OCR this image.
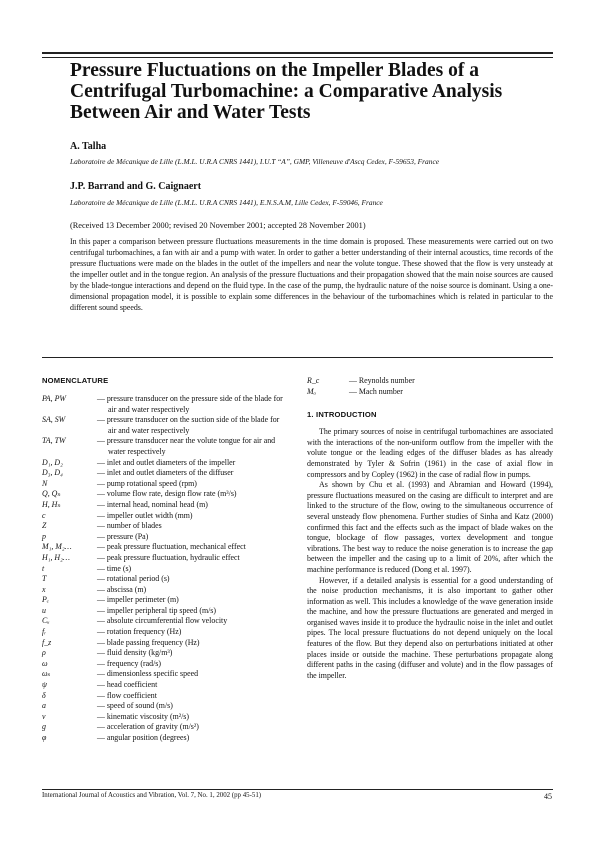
Pressure Fluctuations on the Impeller Blades of a Centrifugal Turbomachine: a Comparative Analysis Between Air and Water Tests
A. Talha
Laboratoire de Mécanique de Lille (L.M.L. U.R.A CNRS 1441), I.U.T “A”, GMP, Villeneuve d'Ascq Cedex, F-59653, France
J.P. Barrand and G. Caignaert
Laboratoire de Mécanique de Lille (L.M.L. U.R.A CNRS 1441), E.N.S.A.M, Lille Cedex, F-59046, France
(Received 13 December 2000; revised 20 November 2001; accepted 28 November 2001)

In this paper a comparison between pressure fluctuations measurements in the time domain is proposed. These measurements were carried out on two centrifugal turbomachines, a fan with air and a pump with water. In order to gather a better understanding of their internal acoustics, time records of the pressure fluctuations were made on the blades in the outlet of the impellers and near the volute tongue. These showed that the flow is very unsteady at the impeller outlet and in the tongue region. An analysis of the pressure fluctuations and their propagation showed that the main noise sources are caused by the blade-tongue interactions and depend on the fluid type. In the case of the pump, the hydraulic nature of the noise source is dominant. Using a one-dimensional propagation model, it is possible to explain some differences in the behaviour of the turbomachines which is related in particular to the different sound speeds.

NOMENCLATURE
PA, PW	— pressure transducer on the pressure side of the blade for air and water respectively
SA, SW	— pressure transducer on the suction side of the blade for air and water respectively
TA, TW	— pressure transducer near the volute tongue for air and water respectively
D₁, D₂	— inlet and outlet diameters of the impeller
D₃, D₄	— inlet and outlet diameters of the diffuser
N	— pump rotational speed (rpm)
Q, Qₙ	— volume flow rate, design flow rate (m³/s)
H, Hₙ	— internal head, nominal head (m)
c	— impeller outlet width (mm)
Z	— number of blades
p	— pressure (Pa)
M₁, M₂…	— peak pressure fluctuation, mechanical effect
H₁, H₂…	— peak pressure fluctuation, hydraulic effect
t	— time (s)
T	— rotational period (s)
x	— abscissa (m)
Pₑ	— impeller perimeter (m)
u	— impeller peripheral tip speed (m/s)
Cᵤ	— absolute circumferential flow velocity
fᵣ	— rotation frequency (Hz)
f_z	— blade passing frequency (Hz)
ρ	— fluid density (kg/m³)
ω	— frequency (rad/s)
ωₛ	— dimensionless specific speed
ψ	— head coefficient
δ	— flow coefficient
a	— speed of sound (m/s)
ν	— kinematic viscosity (m²/s)
g	— acceleration of gravity (m/s²)
φ	— angular position (degrees)
R_c	— Reynolds number
Mₐ	— Mach number
1. INTRODUCTION

The primary sources of noise in centrifugal turbomachines are associated with the interactions of the non-uniform outflow from the impeller with the volute tongue or the leading edges of the diffuser blades as has already demonstrated by Tyler & Sofrin (1961) in the case of axial flow in compressors and by Copley (1962) in the case of radial flow in pumps.

As shown by Chu et al. (1993) and Abramian and Howard (1994), pressure fluctuations measured on the casing are difficult to interpret and are linked to the structure of the flow, owing to the simultaneous occurrence of several unsteady flow phenomena. Further studies of Sinha and Katz (2000) confirmed this fact and the effects such as the impact of blade wakes on the tongue, blockage of flow passages, vortex development and tongue vibrations. The best way to reduce the noise generation is to increase the gap between the impeller and the casing up to a limit of 20%, after which the machine performance is reduced (Dong et al. 1997).

However, if a detailed analysis is essential for a good understanding of the noise production mechanisms, it is also important to gather other information as well. This includes a knowledge of the wave generation inside the machine, and how the pressure fluctuations are generated and merged in organised waves inside it to produce the hydraulic noise in the inlet and outlet pipes. The local pressure fluctuations do not depend uniquely on the local features of the flow. But they depend also on perturbations initiated at other places inside or outside the machine. These perturbations propagate along different paths in the casing (diffuser and volute) and in the flow passages of the impeller.

International Journal of Acoustics and Vibration, Vol. 7, No. 1, 2002 (pp 45-51)	45
